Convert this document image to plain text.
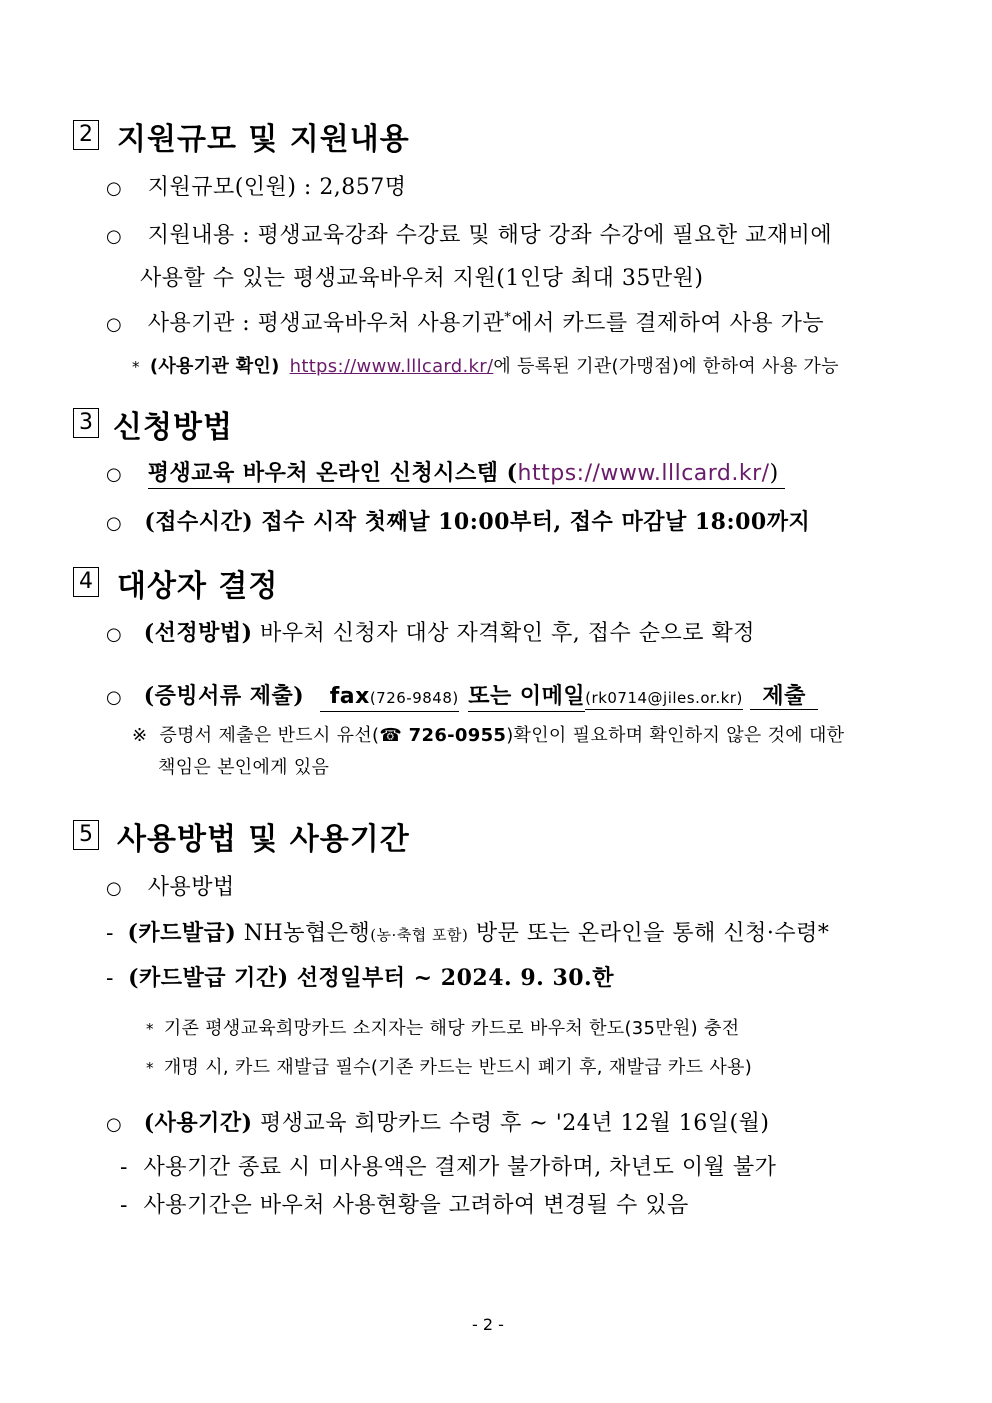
2 지원규모 및 지원내용
○ 지원규모(인원) : 2,857명
○ 지원내용 : 평생교육강좌 수강료 및 해당 강좌 수강에 필요한 교재비에
사용할 수 있는 평생교육바우처 지원(1인당 최대 35만원)
○ 사용기관 : 평생교육바우처 사용기관*에서 카드를 결제하여 사용 가능
* (사용기관 확인) https://www.lllcard.kr/에 등록된 기관(가맹점)에 한하여 사용 가능
3 신청방법
○ 평생교육 바우처 온라인 신청시스템 (https://www.lllcard.kr/)
○ (접수시간) 접수 시작 첫째날 10:00부터, 접수 마감날 18:00까지
4 대상자 결정
○ (선정방법) 바우처 신청자 대상 자격확인 후, 접수 순으로 확정
○ (증빙서류 제출) fax(726-9848) 또는 이메일(rk0714@jiles.or.kr) 제출
※ 증명서 제출은 반드시 유선(☎ 726-0955)확인이 필요하며 확인하지 않은 것에 대한
책임은 본인에게 있음
5 사용방법 및 사용기간
○ 사용방법
- (카드발급) NH농협은행(농·축협 포함) 방문 또는 온라인을 통해 신청·수령*
- (카드발급 기간) 선정일부터 ~ 2024. 9. 30.한
* 기존 평생교육희망카드 소지자는 해당 카드로 바우처 한도(35만원) 충전
* 개명 시, 카드 재발급 필수(기존 카드는 반드시 폐기 후, 재발급 카드 사용)
○ (사용기간) 평생교육 희망카드 수령 후 ~ '24년 12월 16일(월)
- 사용기간 종료 시 미사용액은 결제가 불가하며, 차년도 이월 불가
- 사용기간은 바우처 사용현황을 고려하여 변경될 수 있음
- 2 -
